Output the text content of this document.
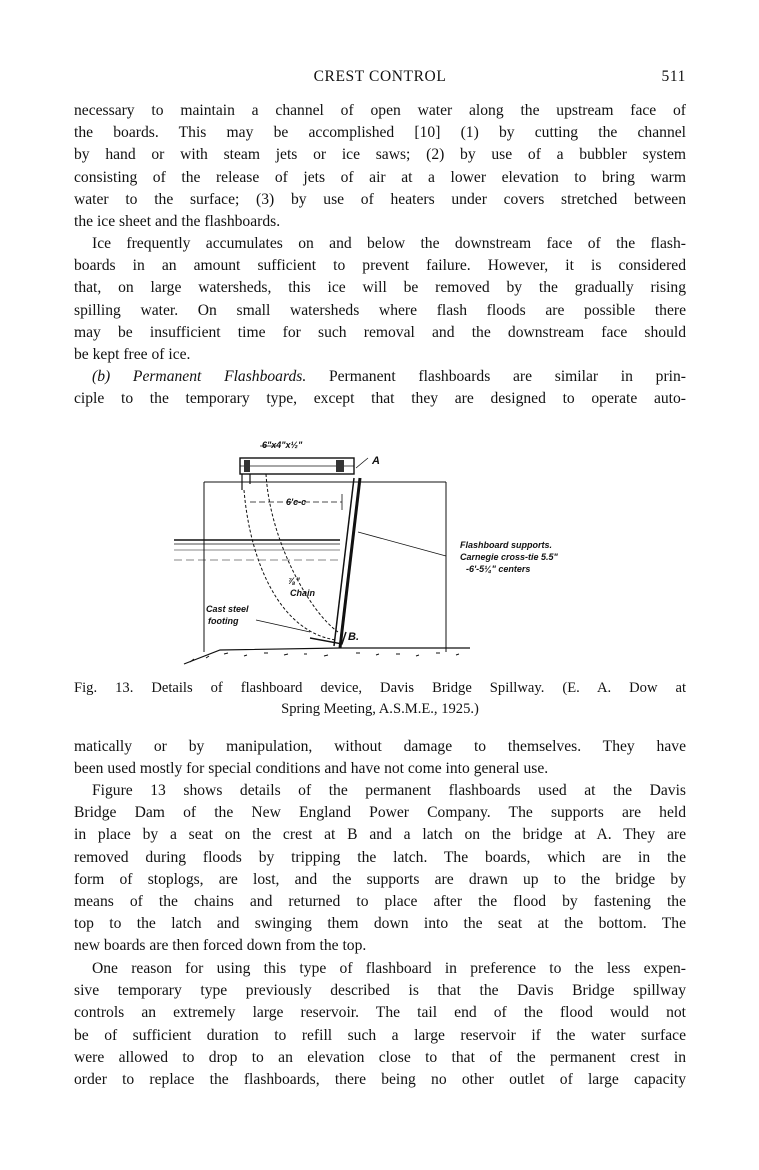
CREST CONTROL	511
necessary to maintain a channel of open water along the upstream face of
the boards. This may be accomplished [10] (1) by cutting the channel
by hand or with steam jets or ice saws; (2) by use of a bubbler system
consisting of the release of jets of air at a lower elevation to bring warm
water to the surface; (3) by use of heaters under covers stretched between
the ice sheet and the flashboards.
Ice frequently accumulates on and below the downstream face of the flash-
boards in an amount sufficient to prevent failure. However, it is considered
that, on large watersheds, this ice will be removed by the gradually rising
spilling water. On small watersheds where flash floods are possible there
may be insufficient time for such removal and the downstream face should
be kept free of ice.
(b) Permanent Flashboards. Permanent flashboards are similar in prin-
ciple to the temporary type, except that they are designed to operate auto-
6"x4"x½"
A
6'c-c
⅞"
Chain
Flashboard supports.
Carnegie cross-tie 5.5"
-6'-5¼" centers
Cast steel
footing
B.
Fig. 13. Details of flashboard device, Davis Bridge Spillway. (E. A. Dow at
Spring Meeting, A.S.M.E., 1925.)
matically or by manipulation, without damage to themselves. They have
been used mostly for special conditions and have not come into general use.
Figure 13 shows details of the permanent flashboards used at the Davis
Bridge Dam of the New England Power Company. The supports are held
in place by a seat on the crest at B and a latch on the bridge at A. They are
removed during floods by tripping the latch. The boards, which are in the
form of stoplogs, are lost, and the supports are drawn up to the bridge by
means of the chains and returned to place after the flood by fastening the
top to the latch and swinging them down into the seat at the bottom. The
new boards are then forced down from the top.
One reason for using this type of flashboard in preference to the less expen-
sive temporary type previously described is that the Davis Bridge spillway
controls an extremely large reservoir. The tail end of the flood would not
be of sufficient duration to refill such a large reservoir if the water surface
were allowed to drop to an elevation close to that of the permanent crest in
order to replace the flashboards, there being no other outlet of large capacity
